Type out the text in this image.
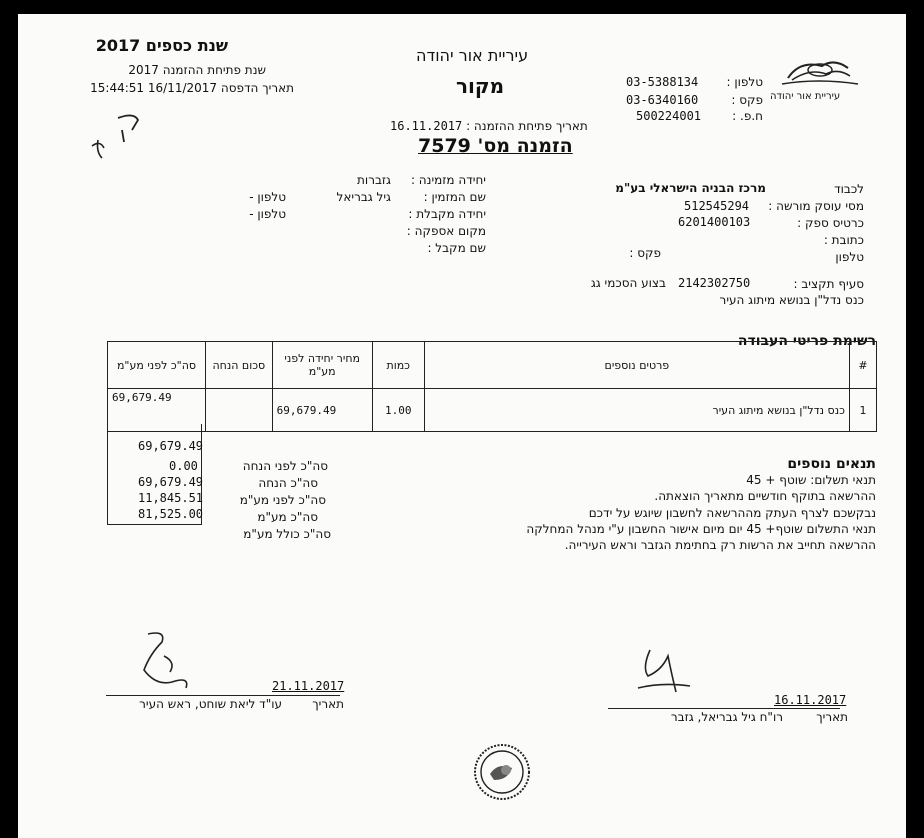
שנת כספים 2017
שנת פתיחת ההזמנה 2017
תאריך הדפסה 16/11/2017 15:44:51
עיריית אור יהודה
מקור	טלפון :
03-5388134
פקס :
03-6340160
ח.פ. :
500224001
עיריית אור יהודה
תאריך פתיחת ההזמנה : 16.11.2017
הזמנה מס' 7579
לכבוד
מרכז הבניה הישראלי בע"מ
מסי עוסק מורשה :
512545294
כרטיס ספק :
6201400103
כתובת :
טלפון
פקס :
סעיף תקציב :
2142302750
בצוע הסכמי גג
כנס נדל"ן בנושא מיתוג העיר
יחידה מזמינה :
גזברות
שם המזמין :
גיל גבריאל
יחידה מקבלת :
מקום אספקה :
שם מקבל :
טלפון -
טלפון -
רשימת פריטי העבודה
#	פרטים נוספים	כמות	מחיר יחידה לפני מע"מ	סכום הנחה	סה"כ לפני מע"מ
1	כנס נדל"ן בנושא מיתוג העיר	1.00	69,679.49		69,679.49
69,679.49
סה"כ לפני הנחה
0.00
סה"כ הנחה
69,679.49
סה"כ לפני מע"מ
11,845.51
סה"כ מע"מ
81,525.00
סה"כ כולל מע"מ
תנאים נוספים
תנאי תשלום: שוטף + 45
ההרשאה בתוקף חודשיים מתאריך הוצאתה.
נבקשכם לצרף העתק מההרשאה לחשבון שיוגש על ידכם
תנאי התשלום שוטף+ 45 יום מיום אישור החשבון ע"י מנהל המחלקה
ההרשאה תחייב את הרשות רק בחתימת הגזבר וראש העירייה.
21.11.2017
תאריך
עו"ד ליאת שוחט, ראש העיר	16.11.2017
תאריך
רו"ח גיל גבריאל, גזבר
